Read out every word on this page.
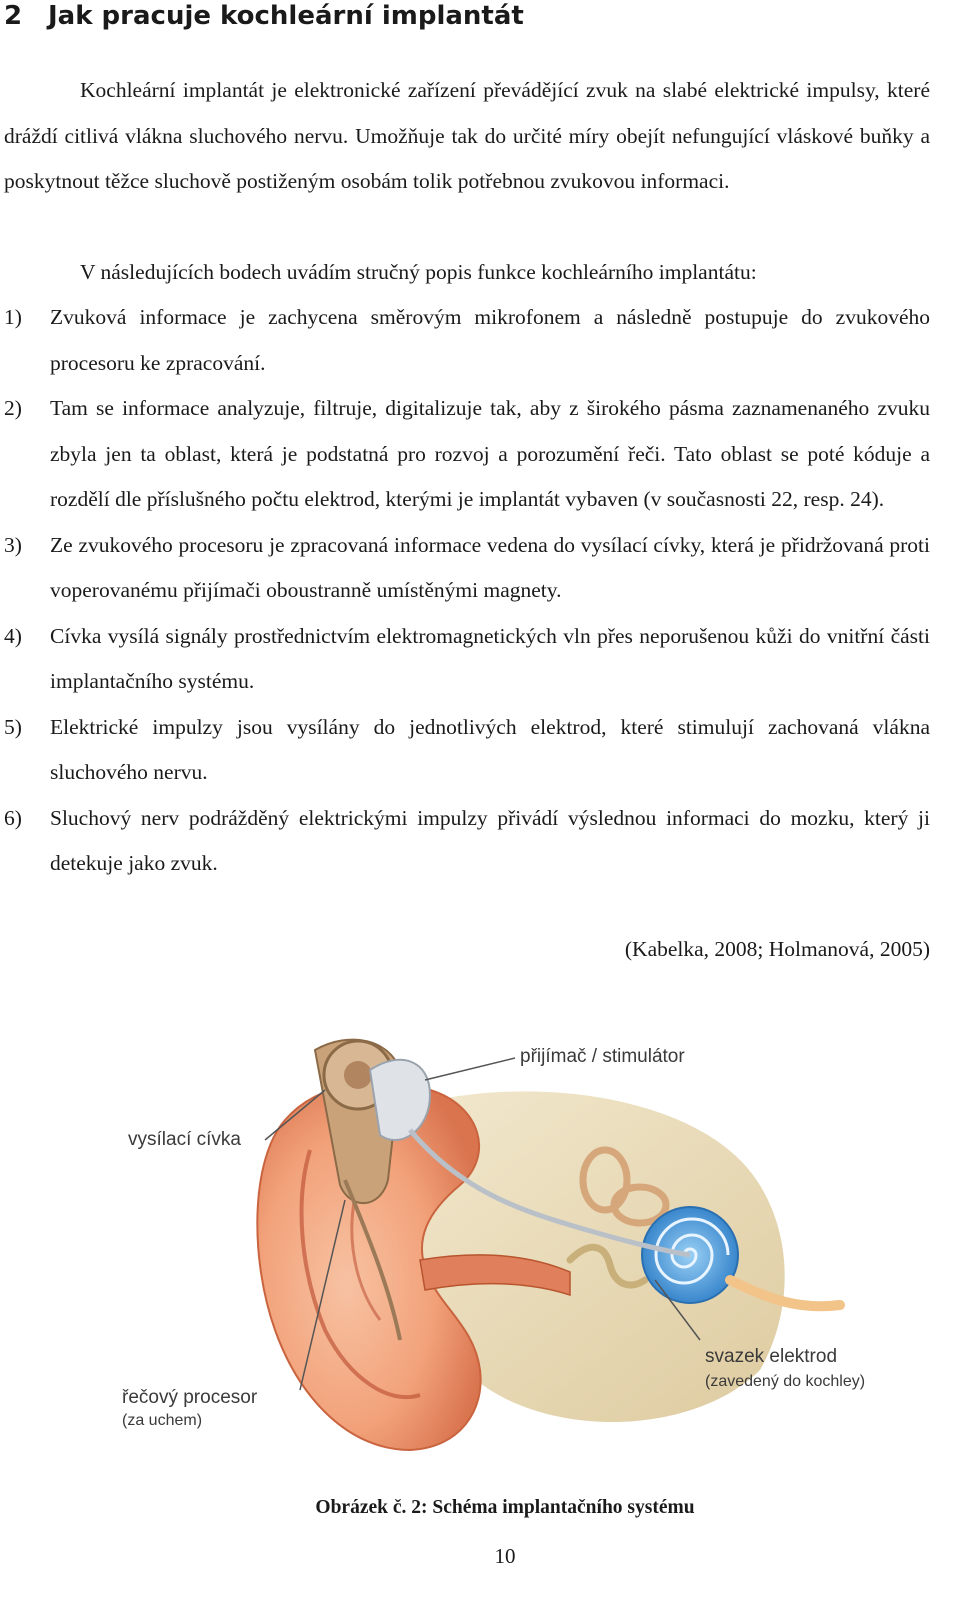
2 Jak pracuje kochleární implantát

Kochleární implantát je elektronické zařízení převádějící zvuk na slabé elektrické impulsy, které dráždí citlivá vlákna sluchového nervu. Umožňuje tak do určité míry obejít nefungující vláskové buňky a poskytnout těžce sluchově postiženým osobám tolik potřebnou zvukovou informaci.

V následujících bodech uvádím stručný popis funkce kochleárního implantátu:

1)	Zvuková informace je zachycena směrovým mikrofonem a následně postupuje do zvukového procesoru ke zpracování.
2)	Tam se informace analyzuje, filtruje, digitalizuje tak, aby z širokého pásma zaznamenaného zvuku zbyla jen ta oblast, která je podstatná pro rozvoj a porozumění řeči. Tato oblast se poté kóduje a rozdělí dle příslušného počtu elektrod, kterými je implantát vybaven (v současnosti 22, resp. 24).
3)	Ze zvukového procesoru je zpracovaná informace vedena do vysílací cívky, která je přidržovaná proti voperovanému přijímači oboustranně umístěnými magnety.
4)	Cívka vysílá signály prostřednictvím elektromagnetických vln přes neporušenou kůži do vnitřní části implantačního systému.
5)	Elektrické impulzy jsou vysílány do jednotlivých elektrod, které stimulují zachovaná vlákna sluchového nervu.
6)	Sluchový nerv podrážděný elektrickými impulzy přivádí výslednou informaci do mozku, který ji detekuje jako zvuk.
(Kabelka, 2008; Holmanová, 2005)
přijímač / stimulátor
vysílací cívka
svazek elektrod
(zavedený do kochley)
řečový procesor
(za uchem)
Obrázek č. 2: Schéma implantačního systému
10
